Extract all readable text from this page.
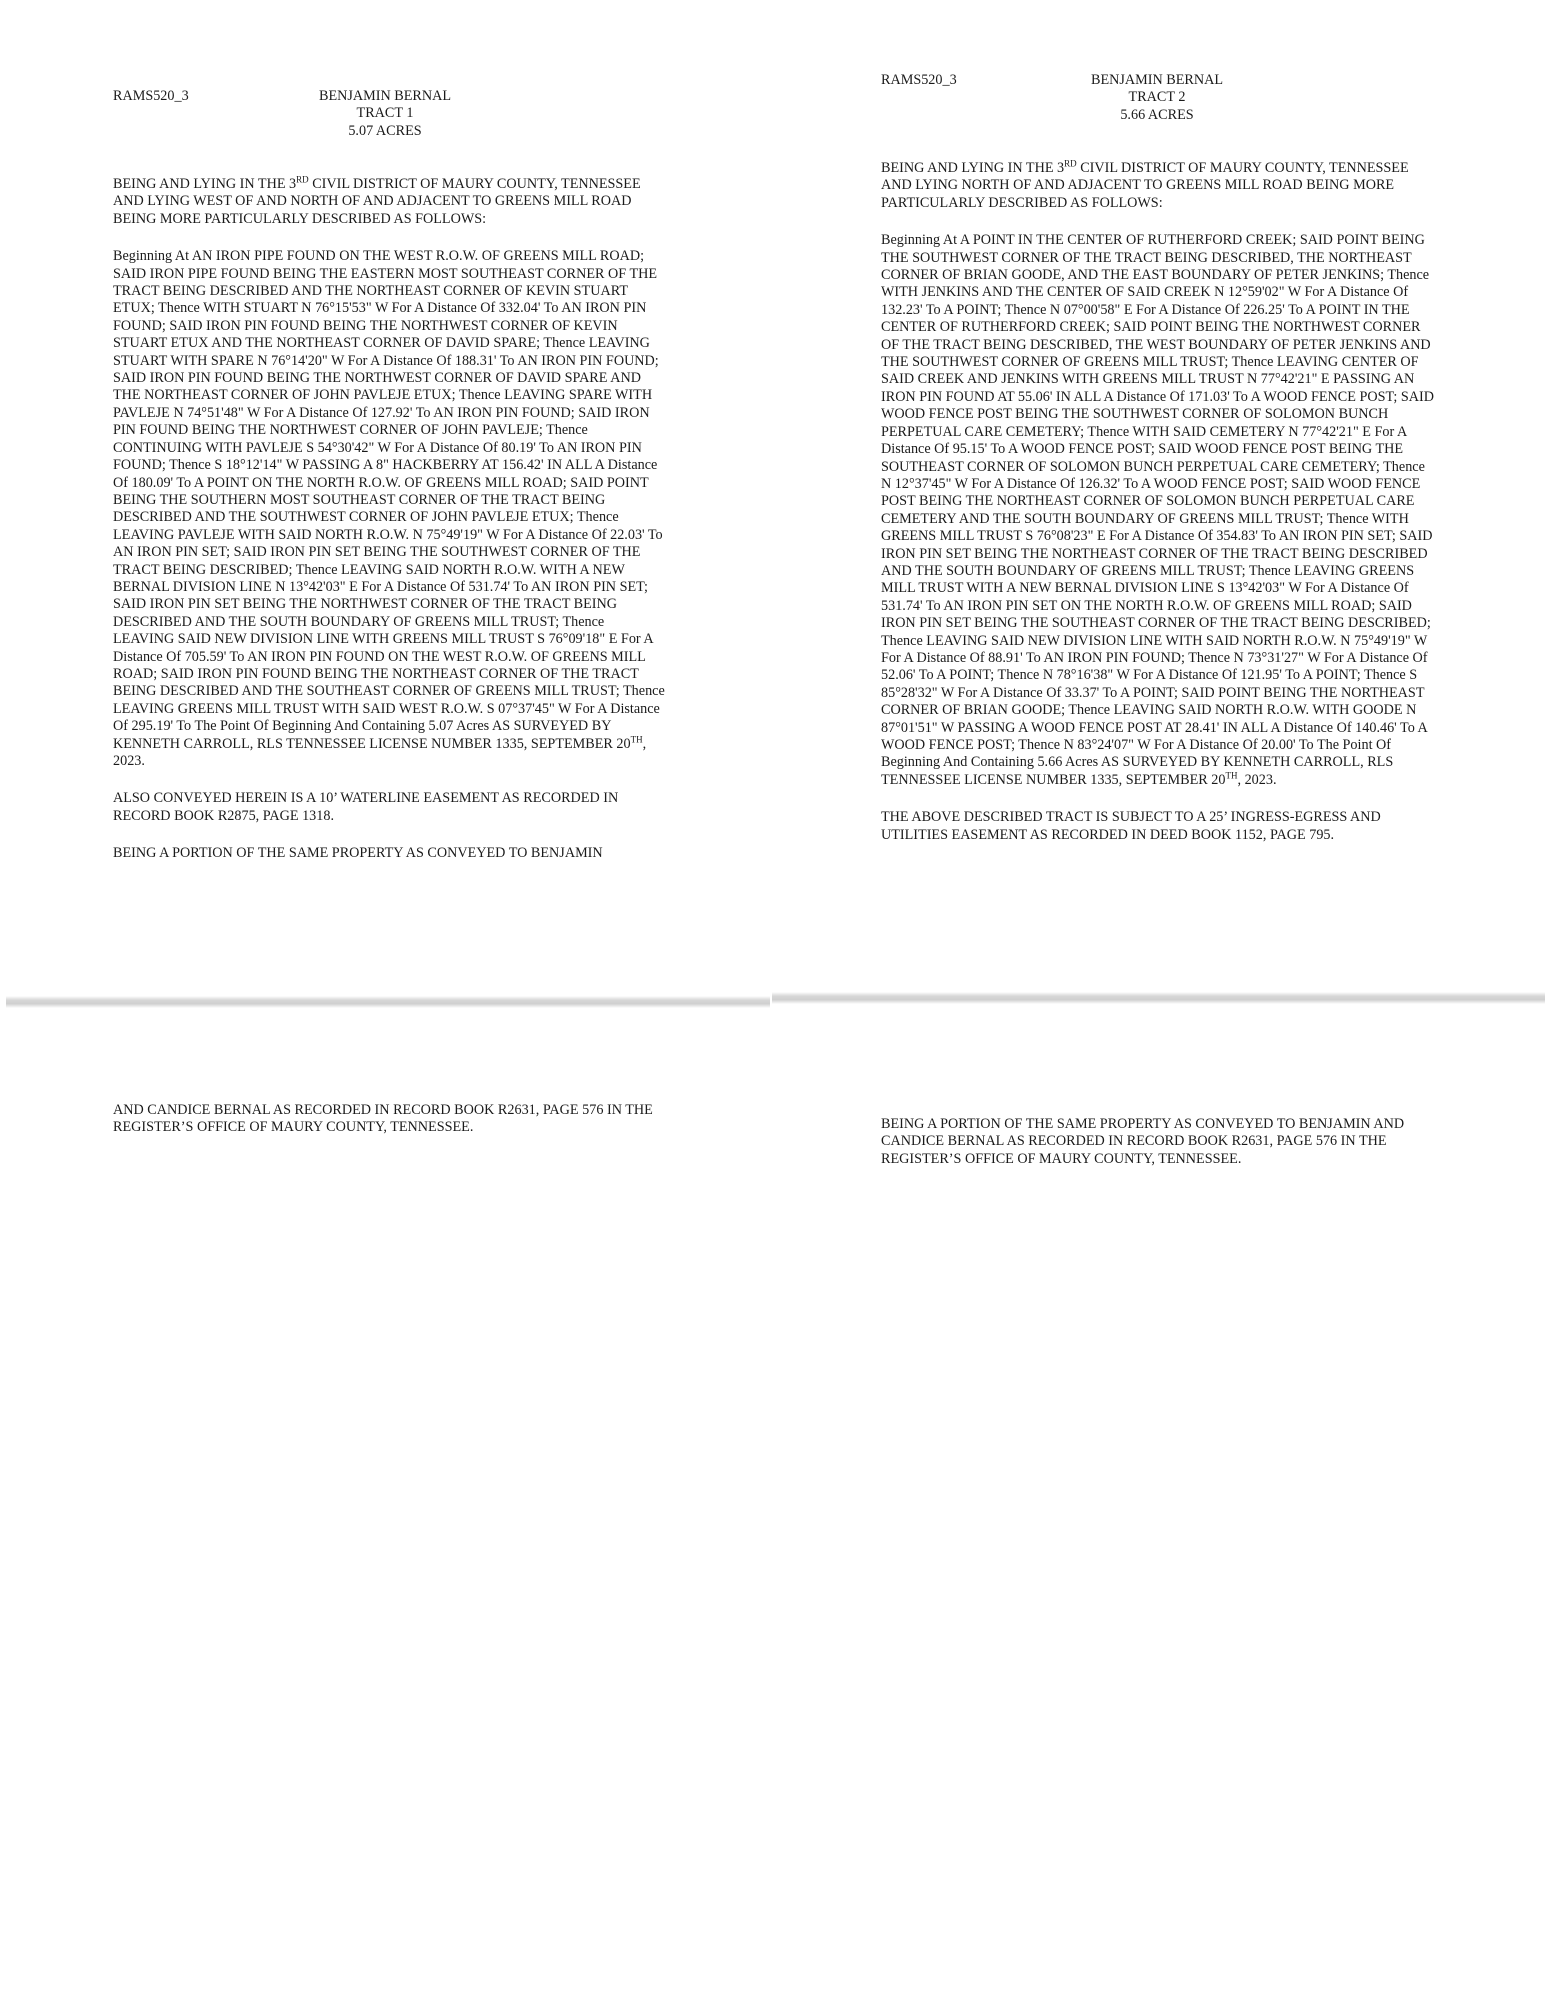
RAMS520_3	BENJAMIN BERNAL
TRACT 1
5.07 ACRES

BEING AND LYING IN THE 3RD CIVIL DISTRICT OF MAURY COUNTY, TENNESSEE AND LYING WEST OF AND NORTH OF AND ADJACENT TO GREENS MILL ROAD BEING MORE PARTICULARLY DESCRIBED AS FOLLOWS:

Beginning At AN IRON PIPE FOUND ON THE WEST R.O.W. OF GREENS MILL ROAD; SAID IRON PIPE FOUND BEING THE EASTERN MOST SOUTHEAST CORNER OF THE TRACT BEING DESCRIBED AND THE NORTHEAST CORNER OF KEVIN STUART ETUX; Thence WITH STUART N 76°15'53" W For A Distance Of 332.04' To AN IRON PIN FOUND; SAID IRON PIN FOUND BEING THE NORTHWEST CORNER OF KEVIN STUART ETUX AND THE NORTHEAST CORNER OF DAVID SPARE; Thence LEAVING STUART WITH SPARE N 76°14'20" W For A Distance Of 188.31' To AN IRON PIN FOUND; SAID IRON PIN FOUND BEING THE NORTHWEST CORNER OF DAVID SPARE AND THE NORTHEAST CORNER OF JOHN PAVLEJE ETUX; Thence LEAVING SPARE WITH PAVLEJE N 74°51'48" W For A Distance Of 127.92' To AN IRON PIN FOUND; SAID IRON PIN FOUND BEING THE NORTHWEST CORNER OF JOHN PAVLEJE; Thence CONTINUING WITH PAVLEJE S 54°30'42" W For A Distance Of 80.19' To AN IRON PIN FOUND; Thence S 18°12'14" W PASSING A 8" HACKBERRY AT 156.42' IN ALL A Distance Of 180.09' To A POINT ON THE NORTH R.O.W. OF GREENS MILL ROAD; SAID POINT BEING THE SOUTHERN MOST SOUTHEAST CORNER OF THE TRACT BEING DESCRIBED AND THE SOUTHWEST CORNER OF JOHN PAVLEJE ETUX; Thence LEAVING PAVLEJE WITH SAID NORTH R.O.W. N 75°49'19" W For A Distance Of 22.03' To AN IRON PIN SET; SAID IRON PIN SET BEING THE SOUTHWEST CORNER OF THE TRACT BEING DESCRIBED; Thence LEAVING SAID NORTH R.O.W. WITH A NEW BERNAL DIVISION LINE N 13°42'03" E For A Distance Of 531.74' To AN IRON PIN SET; SAID IRON PIN SET BEING THE NORTHWEST CORNER OF THE TRACT BEING DESCRIBED AND THE SOUTH BOUNDARY OF GREENS MILL TRUST; Thence LEAVING SAID NEW DIVISION LINE WITH GREENS MILL TRUST S 76°09'18" E For A Distance Of 705.59' To AN IRON PIN FOUND ON THE WEST R.O.W. OF GREENS MILL ROAD; SAID IRON PIN FOUND BEING THE NORTHEAST CORNER OF THE TRACT BEING DESCRIBED AND THE SOUTHEAST CORNER OF GREENS MILL TRUST; Thence LEAVING GREENS MILL TRUST WITH SAID WEST R.O.W. S 07°37'45" W For A Distance Of 295.19' To The Point Of Beginning And Containing 5.07 Acres AS SURVEYED BY KENNETH CARROLL, RLS TENNESSEE LICENSE NUMBER 1335, SEPTEMBER 20TH, 2023.

ALSO CONVEYED HEREIN IS A 10’ WATERLINE EASEMENT AS RECORDED IN RECORD BOOK R2875, PAGE 1318.

BEING A PORTION OF THE SAME PROPERTY AS CONVEYED TO BENJAMIN

AND CANDICE BERNAL AS RECORDED IN RECORD BOOK R2631, PAGE 576 IN THE REGISTER’S OFFICE OF MAURY COUNTY, TENNESSEE.

RAMS520_3	BENJAMIN BERNAL
TRACT 2
5.66 ACRES

BEING AND LYING IN THE 3RD CIVIL DISTRICT OF MAURY COUNTY, TENNESSEE AND LYING NORTH OF AND ADJACENT TO GREENS MILL ROAD BEING MORE PARTICULARLY DESCRIBED AS FOLLOWS:

Beginning At A POINT IN THE CENTER OF RUTHERFORD CREEK; SAID POINT BEING THE SOUTHWEST CORNER OF THE TRACT BEING DESCRIBED, THE NORTHEAST CORNER OF BRIAN GOODE, AND THE EAST BOUNDARY OF PETER JENKINS; Thence WITH JENKINS AND THE CENTER OF SAID CREEK N 12°59'02" W For A Distance Of 132.23' To A POINT; Thence N 07°00'58" E For A Distance Of 226.25' To A POINT IN THE CENTER OF RUTHERFORD CREEK; SAID POINT BEING THE NORTHWEST CORNER OF THE TRACT BEING DESCRIBED, THE WEST BOUNDARY OF PETER JENKINS AND THE SOUTHWEST CORNER OF GREENS MILL TRUST; Thence LEAVING CENTER OF SAID CREEK AND JENKINS WITH GREENS MILL TRUST N 77°42'21" E PASSING AN IRON PIN FOUND AT 55.06' IN ALL A Distance Of 171.03' To A WOOD FENCE POST; SAID WOOD FENCE POST BEING THE SOUTHWEST CORNER OF SOLOMON BUNCH PERPETUAL CARE CEMETERY; Thence WITH SAID CEMETERY N 77°42'21" E For A Distance Of 95.15' To A WOOD FENCE POST; SAID WOOD FENCE POST BEING THE SOUTHEAST CORNER OF SOLOMON BUNCH PERPETUAL CARE CEMETERY; Thence N 12°37'45" W For A Distance Of 126.32' To A WOOD FENCE POST; SAID WOOD FENCE POST BEING THE NORTHEAST CORNER OF SOLOMON BUNCH PERPETUAL CARE CEMETERY AND THE SOUTH BOUNDARY OF GREENS MILL TRUST; Thence WITH GREENS MILL TRUST S 76°08'23" E For A Distance Of 354.83' To AN IRON PIN SET; SAID IRON PIN SET BEING THE NORTHEAST CORNER OF THE TRACT BEING DESCRIBED AND THE SOUTH BOUNDARY OF GREENS MILL TRUST; Thence LEAVING GREENS MILL TRUST WITH A NEW BERNAL DIVISION LINE S 13°42'03" W For A Distance Of 531.74' To AN IRON PIN SET ON THE NORTH R.O.W. OF GREENS MILL ROAD; SAID IRON PIN SET BEING THE SOUTHEAST CORNER OF THE TRACT BEING DESCRIBED; Thence LEAVING SAID NEW DIVISION LINE WITH SAID NORTH R.O.W. N 75°49'19" W For A Distance Of 88.91' To AN IRON PIN FOUND; Thence N 73°31'27" W For A Distance Of 52.06' To A POINT; Thence N 78°16'38" W For A Distance Of 121.95' To A POINT; Thence S 85°28'32" W For A Distance Of 33.37' To A POINT; SAID POINT BEING THE NORTHEAST CORNER OF BRIAN GOODE; Thence LEAVING SAID NORTH R.O.W. WITH GOODE N 87°01'51" W PASSING A WOOD FENCE POST AT 28.41' IN ALL A Distance Of 140.46' To A WOOD FENCE POST; Thence N 83°24'07" W For A Distance Of 20.00' To The Point Of Beginning And Containing 5.66 Acres AS SURVEYED BY KENNETH CARROLL, RLS TENNESSEE LICENSE NUMBER 1335, SEPTEMBER 20TH, 2023.

THE ABOVE DESCRIBED TRACT IS SUBJECT TO A 25’ INGRESS-EGRESS AND UTILITIES EASEMENT AS RECORDED IN DEED BOOK 1152, PAGE 795.

BEING A PORTION OF THE SAME PROPERTY AS CONVEYED TO BENJAMIN AND CANDICE BERNAL AS RECORDED IN RECORD BOOK R2631, PAGE 576 IN THE REGISTER’S OFFICE OF MAURY COUNTY, TENNESSEE.
